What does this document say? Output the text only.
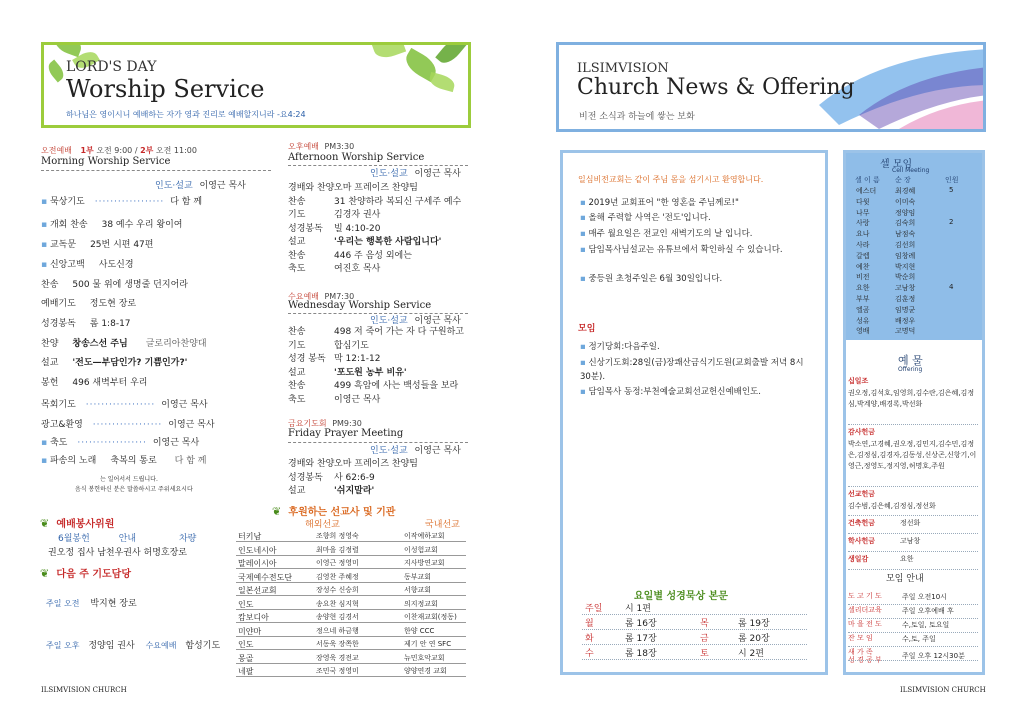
LORD'S DAY
Worship Service
하나님은 영이시니 예배하는 자가 영과 진리로 예배할지니라 -요4:24
오전예배 1부 오전 9:00 / 2부 오전 11:00
Morning Worship Service
인도·설교 이영근 목사
▪ 묵상기도 ·················· 다 함 께
▪ 개회 찬송 38 예수 우리 왕이여
▪ 교독문 25번 시편 47편
▪ 신앙고백 사도신경
찬송 500 물 위에 생명줄 던지어라
예배기도 정도현 장로
성경봉독 롬 1:8-17
찬양 창송스선 주님 글로리아찬양대
설교 '전도—부담인가? 기쁨인가?'
봉헌 496 새벽부터 우리
목회기도 ·················· 이영근 목사
광고&환영 ·················· 이영근 목사
▪ 축도 ·················· 이영근 목사
▪ 파송의 노래 축복의 통로 다 함 께
는 일어서서 드립니다.
음식 봉헌하신 분은 말씀하시고 주위세요시다
오후예배 PM3:30
Afternoon Worship Service
인도·설교 이영근 목사
경배와 찬양오마 프레이즈 찬양팀
찬송	31 찬양하라 복되신 구세주 예수
기도	김경자 권사
성경봉독 빌 4:10-20
설교	'우리는 행복한 사람입니다'
찬송	446 주 음성 외에는
축도	여진호 목사
수요예배 PM7:30
Wednesday Worship Service
인도·설교 이영근 목사
찬송	498 저 죽어 가는 자 다 구원하고
기도	합심기도
성경 봉독 막 12:1-12
설교	'포도원 농부 비유'
찬송	499 흑암에 사는 백성들을 보라
축도	이영근 목사
금요기도회 PM9:30
Friday Prayer Meeting
인도·설교 이영근 목사
경배와 찬양오마 프레이즈 찬양팀
성경봉독 사 62:6-9
설교	'쉬지말라'
❦ 예배봉사위원
6월봉헌	안내	차량
권오정 집사 남천우권사 허명호장로
❦ 다음 주 기도담당
주일 오전 박지현 장로
주일 오후 정양임 권사 수요예배 함성기도
❦ 후원하는 선교사 및 기관
해외선교	국내선교
터키남	조향희 정영숙	이작예하교회
인도네시아	최마을 김정렬	이성험교회
말레이시아	이영근 정영미	지사방연교회
국제예수전도단	김영찬 주혜정	동부교회
일본선교회	장성수 신승희	서향교회
인도	송요찬 심지혁	의지정교회
캄보디아	송양현 김경서	이찬재교회(정동)
미얀마	정으네 하금행	한양 CCC
인도	서동욱 장쪽한	제기 안 연 SFC
몽골	장영욱 경전교	뉴민호악교회
네팔	조민국 정영미	양양연경 교회
ILSIMVISION CHURCH
ILSIMVISION
Church News & Offering
비전 소식과 하늘에 쌓는 보화
일심비전교회는 같이 주님 몸을 섬기시고 환영합니다.
▪ 2019년 교회표어 "한 영혼을 주님께로!"
▪ 올해 주력할 사역은 '전도'입니다.
▪ 매주 월요일은 전교인 새벽기도의 날 입니다.
▪ 담임목사님설교는 유튜브에서 확인하실 수 있습니다.
▪ 중등원 초청주일은 6월 30일입니다.
모임
▪ 정기당회:다음주일.
▪ 신상기도회:28일(금)장쾌산금식기도원(교회출발 저녁 8시30분).
▪ 담임목사 동정:부천예술교회선교헌신예배인도.
요일별 성경묵상 본문
주일	시 1편
월	롬 16장	목	롬 19장
화	롬 17장	금	롬 20장
수	롬 18장	토	시 2편
셀 모임
Cell Meeting
셀 이 름 순 장	인원
에스더	최경혜	5
다윗	이미숙
나무	정양임
사랑	김숙희	2
요나	남점숙
사라	김선희
갈렙	임창례
예찬	박지현
비전	박순희
요한	고남창	4
부부	김훈정
엘곰	임명균
성유	배정우
영배	고명덕
예 물
Offering
십일조
권오정,김석호,임영희,김수란,김은혜,김정심,박계양,배경록,박선화
감사헌금
박소연,고경혜,권오정,김민지,김수민,김정은,김정심,김경자,김동성,신상곤,신항기,이영근,정영도,정지영,허명호,주원
선교헌금
김수범,김은혜,김정심,정선화
건축헌금	정선화
학사헌금	고남창
생일감	요한
모임 안내
도 고 기 도	주일 오전10시
셀리더교육	주일 오후예배 후
마 을 전 도	수,토일, 토요일
잔 모 임	수,토, 주일
새 가 족
성 경 공 부	주일 오후 12시30분
ILSIMVISION CHURCH
